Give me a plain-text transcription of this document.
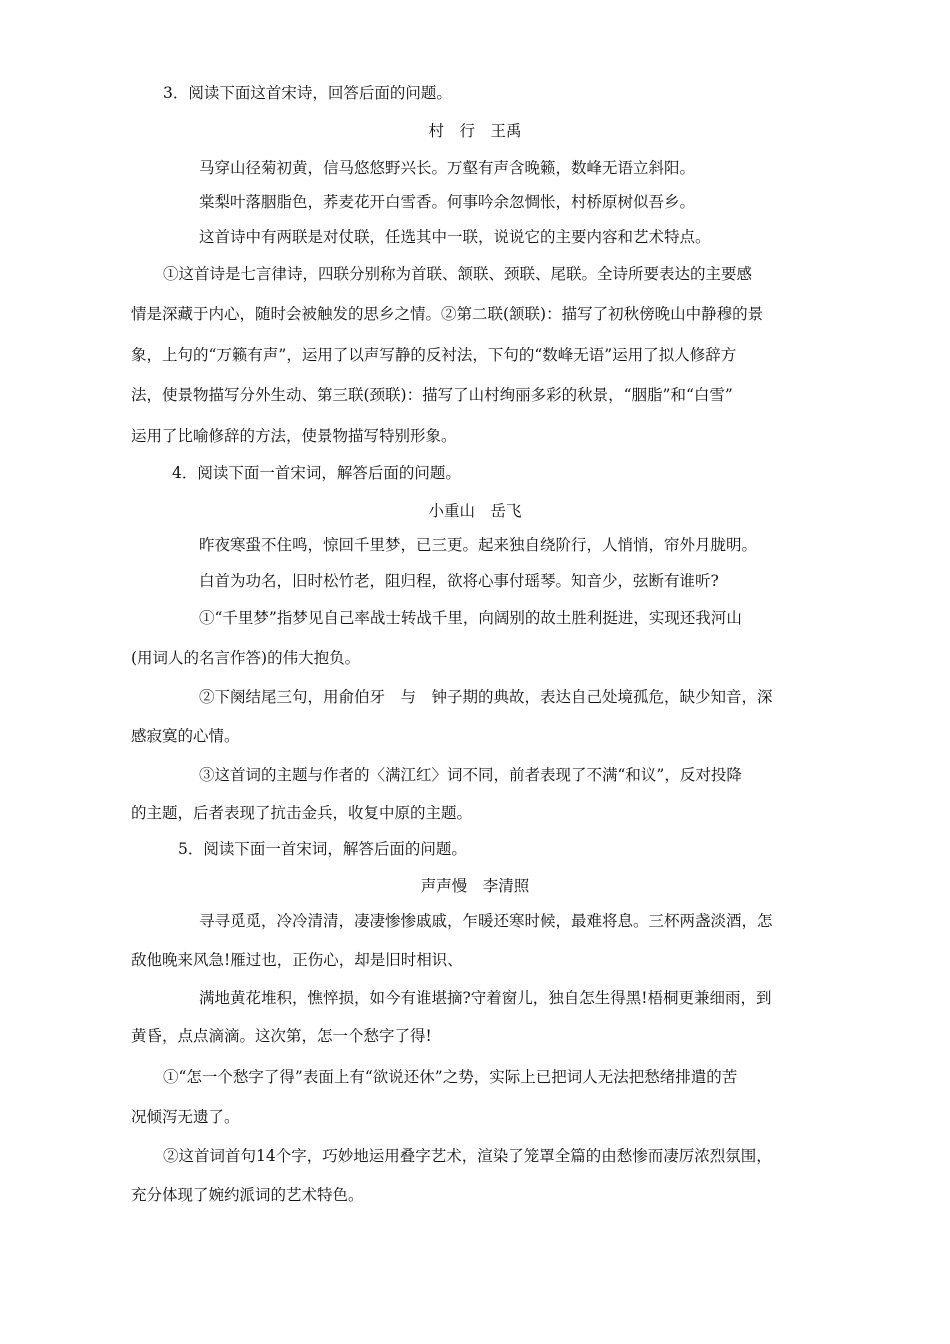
3．阅读下面这首宋诗，回答后面的问题。
村　行　王禹
马穿山径菊初黄，信马悠悠野兴长。万壑有声含晚籁，数峰无语立斜阳。
棠梨叶落胭脂色，荞麦花开白雪香。何事吟余忽惆怅，村桥原树似吾乡。
这首诗中有两联是对仗联，任选其中一联，说说它的主要内容和艺术特点。
①这首诗是七言律诗，四联分别称为首联、颔联、颈联、尾联。全诗所要表达的主要感
情是深藏于内心，随时会被触发的思乡之情。②第二联(颔联)：描写了初秋傍晚山中静穆的景
象，上句的“万籁有声”，运用了以声写静的反衬法，下句的“数峰无语”运用了拟人修辞方
法，使景物描写分外生动、第三联(颈联)：描写了山村绚丽多彩的秋景，“胭脂”和“白雪”
运用了比喻修辞的方法，使景物描写特别形象。
4．阅读下面一首宋词，解答后面的问题。
小重山　岳飞
昨夜寒蛩不住鸣，惊回千里梦，已三更。起来独自绕阶行，人悄悄，帘外月胧明。
白首为功名，旧时松竹老，阻归程，欲将心事付瑶琴。知音少，弦断有谁听?
①“千里梦”指梦见自己率战士转战千里，向阔别的故土胜利挺进，实现还我河山
(用词人的名言作答)的伟大抱负。
②下阕结尾三句，用俞伯牙　与　钟子期的典故，表达自己处境孤危，缺少知音，深
感寂寞的心情。
③这首词的主题与作者的〈满江红〉词不同，前者表现了不满“和议”，反对投降
的主题，后者表现了抗击金兵，收复中原的主题。
5．阅读下面一首宋词，解答后面的问题。
声声慢　李清照
寻寻觅觅，冷冷清清，凄凄惨惨戚戚，乍暖还寒时候，最难将息。三杯两盏淡酒，怎
敌他晚来风急!雁过也，正伤心，却是旧时相识、
满地黄花堆积，憔悴损，如今有谁堪摘?守着窗儿，独自怎生得黑!梧桐更兼细雨，到
黄昏，点点滴滴。这次第，怎一个愁字了得!
①“怎一个愁字了得”表面上有“欲说还休”之势，实际上已把词人无法把愁绪排遣的苦
况倾泻无遗了。
②这首词首句14个字，巧妙地运用叠字艺术，渲染了笼罩全篇的由愁惨而凄厉浓烈氛围，
充分体现了婉约派词的艺术特色。
